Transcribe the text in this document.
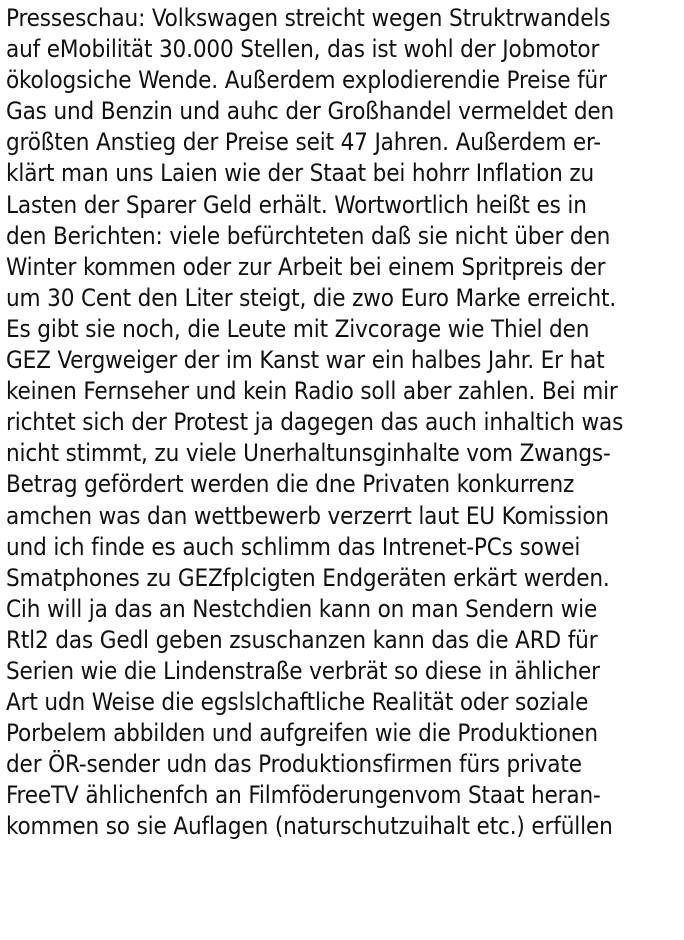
Presseschau: Volkswagen streicht wegen Struktrwandels
auf eMobilität 30.000 Stellen, das ist wohl der Jobmotor
ökologsiche Wende. Außerdem explodierendie Preise für
Gas und Benzin und auhc der Großhandel vermeldet den
größten Anstieg der Preise seit 47 Jahren. Außerdem er-
klärt man uns Laien wie der Staat bei hohrr Inflation zu
Lasten der Sparer Geld erhält. Wortwortlich heißt es in
den Berichten: viele befürchteten daß sie nicht über den
Winter kommen oder zur Arbeit bei einem Spritpreis der
um 30 Cent den Liter steigt, die zwo Euro Marke erreicht.
Es gibt sie noch, die Leute mit Zivcorage wie Thiel den
GEZ Vergweiger der im Kanst war ein halbes Jahr. Er hat
keinen Fernseher und kein Radio soll aber zahlen. Bei mir
richtet sich der Protest ja dagegen das auch inhaltich was
nicht stimmt, zu viele Unerhaltunsginhalte vom Zwangs-
Betrag gefördert werden die dne Privaten konkurrenz
amchen was dan wettbewerb verzerrt laut EU Komission
und ich finde es auch schlimm das Intrenet-PCs sowei
Smatphones zu GEZfplcigten Endgeräten erkärt werden.
Cih will ja das an Nestchdien kann on man Sendern wie
Rtl2 das Gedl geben zsuschanzen kann das die ARD für
Serien wie die Lindenstraße verbrät so diese in ählicher
Art udn Weise die egslslchaftliche Realität oder soziale
Porbelem abbilden und aufgreifen wie die Produktionen
der ÖR-sender udn das Produktionsfirmen fürs private
FreeTV ählichenfch an Filmföderungenvom Staat heran-
kommen so sie Auflagen (naturschutzuihalt etc.) erfüllen
